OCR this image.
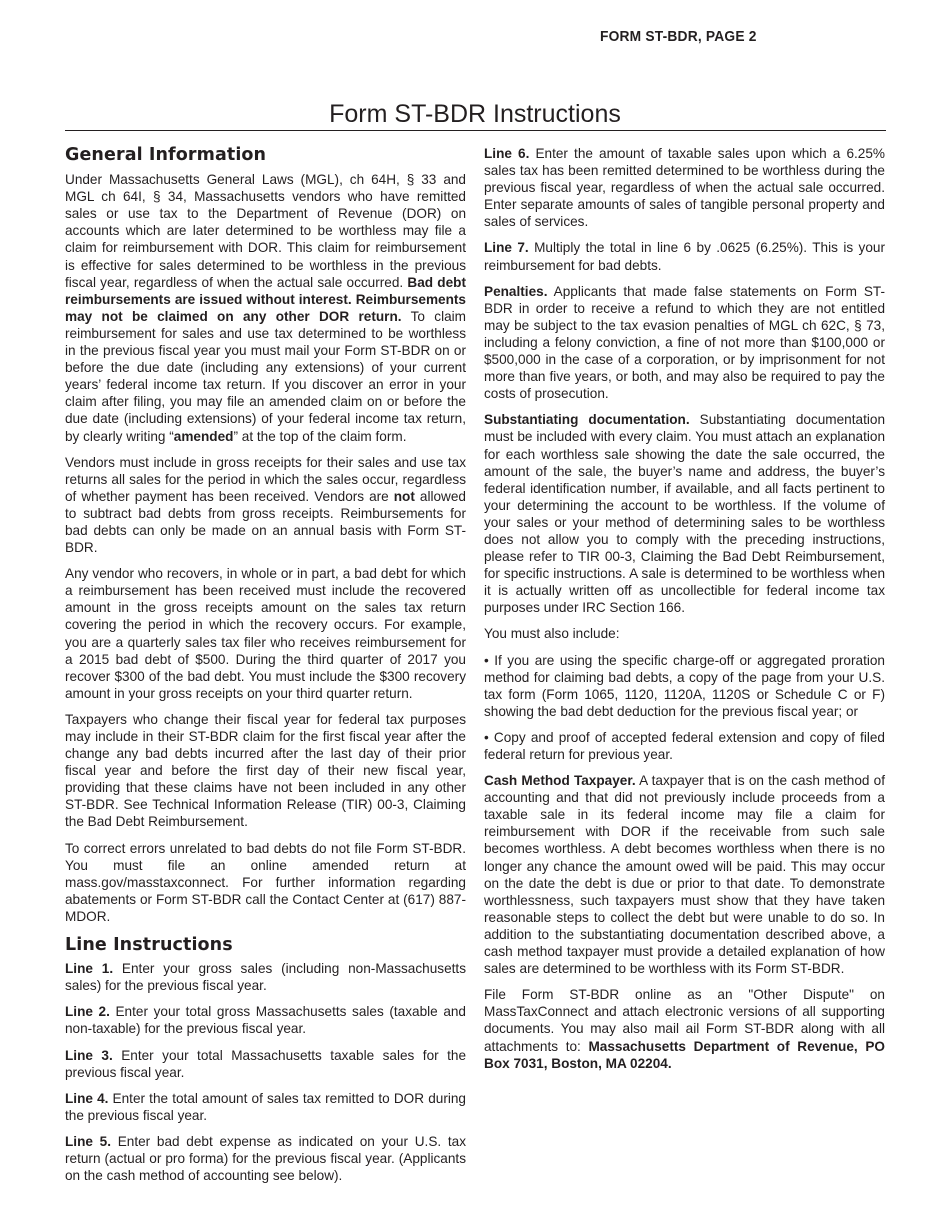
FORM ST-BDR, PAGE 2
Form ST-BDR Instructions
General Information

Under Massachusetts General Laws (MGL), ch 64H, § 33 and MGL ch 64I, § 34, Massachusetts vendors who have remitted sales or use tax to the Department of Revenue (DOR) on accounts which are later determined to be worthless may file a claim for reimbursement with DOR. This claim for reimbursement is effective for sales determined to be worthless in the previous fiscal year, regardless of when the actual sale occurred. Bad debt reimbursements are issued without interest. Reimbursements may not be claimed on any other DOR return. To claim reimbursement for sales and use tax determined to be worthless in the previous fiscal year you must mail your Form ST-BDR on or before the due date (including any extensions) of your current years’ federal income tax return. If you discover an error in your claim after filing, you may file an amended claim on or before the due date (including extensions) of your federal income tax return, by clearly writing “amended” at the top of the claim form.

Vendors must include in gross receipts for their sales and use tax returns all sales for the period in which the sales occur, regardless of whether payment has been received. Vendors are not allowed to subtract bad debts from gross receipts. Reimbursements for bad debts can only be made on an annual basis with Form ST-BDR.

Any vendor who recovers, in whole or in part, a bad debt for which a reimbursement has been received must include the recovered amount in the gross receipts amount on the sales tax return covering the period in which the recovery occurs. For example, you are a quarterly sales tax filer who receives reimbursement for a 2015 bad debt of $500. During the third quarter of 2017 you recover $300 of the bad debt. You must include the $300 recovery amount in your gross receipts on your third quarter return.

Taxpayers who change their fiscal year for federal tax purposes may include in their ST-BDR claim for the first fiscal year after the change any bad debts incurred after the last day of their prior fiscal year and before the first day of their new fiscal year, providing that these claims have not been included in any other ST-BDR. See Technical Information Release (TIR) 00-3, Claiming the Bad Debt Reimbursement.

To correct errors unrelated to bad debts do not file Form ST-BDR. You must file an online amended return at mass.gov/masstaxconnect. For further information regarding abatements or Form ST-BDR call the Contact Center at (617) 887-MDOR.

Line Instructions

Line 1. Enter your gross sales (including non-Massachusetts sales) for the previous fiscal year.

Line 2. Enter your total gross Massachusetts sales (taxable and non-taxable) for the previous fiscal year.

Line 3. Enter your total Massachusetts taxable sales for the previous fiscal year.

Line 4. Enter the total amount of sales tax remitted to DOR during the previous fiscal year.

Line 5. Enter bad debt expense as indicated on your U.S. tax return (actual or pro forma) for the previous fiscal year. (Applicants on the cash method of accounting see below).

Line 6. Enter the amount of taxable sales upon which a 6.25% sales tax has been remitted determined to be worthless during the previous fiscal year, regardless of when the actual sale occurred. Enter separate amounts of sales of tangible personal property and sales of services.

Line 7. Multiply the total in line 6 by .0625 (6.25%). This is your reimbursement for bad debts.

Penalties. Applicants that made false statements on Form ST-BDR in order to receive a refund to which they are not entitled may be subject to the tax evasion penalties of MGL ch 62C, § 73, including a felony conviction, a fine of not more than $100,000 or $500,000 in the case of a corporation, or by imprisonment for not more than five years, or both, and may also be required to pay the costs of prosecution.

Substantiating documentation. Substantiating documentation must be included with every claim. You must attach an explanation for each worthless sale showing the date the sale occurred, the amount of the sale, the buyer’s name and address, the buyer’s federal identification number, if available, and all facts pertinent to your determining the account to be worthless. If the volume of your sales or your method of determining sales to be worthless does not allow you to comply with the preceding instructions, please refer to TIR 00-3, Claiming the Bad Debt Reimbursement, for specific instructions. A sale is determined to be worthless when it is actually written off as uncollectible for federal income tax purposes under IRC Section 166.

You must also include:

• If you are using the specific charge-off or aggregated proration method for claiming bad debts, a copy of the page from your U.S. tax form (Form 1065, 1120, 1120A, 1120S or Schedule C or F) showing the bad debt deduction for the previous fiscal year; or

• Copy and proof of accepted federal extension and copy of filed federal return for previous year.

Cash Method Taxpayer. A taxpayer that is on the cash method of accounting and that did not previously include proceeds from a taxable sale in its federal income may file a claim for reimbursement with DOR if the receivable from such sale becomes worthless. A debt becomes worthless when there is no longer any chance the amount owed will be paid. This may occur on the date the debt is due or prior to that date. To demonstrate worthlessness, such taxpayers must show that they have taken reasonable steps to collect the debt but were unable to do so. In addition to the substantiating documentation described above, a cash method taxpayer must provide a detailed explanation of how sales are determined to be worthless with its Form ST-BDR.

File Form ST-BDR online as an "Other Dispute" on MassTaxConnect and attach electronic versions of all supporting documents. You may also mail ail Form ST-BDR along with all attachments to: Massachusetts Department of Revenue, PO Box 7031, Boston, MA 02204.
